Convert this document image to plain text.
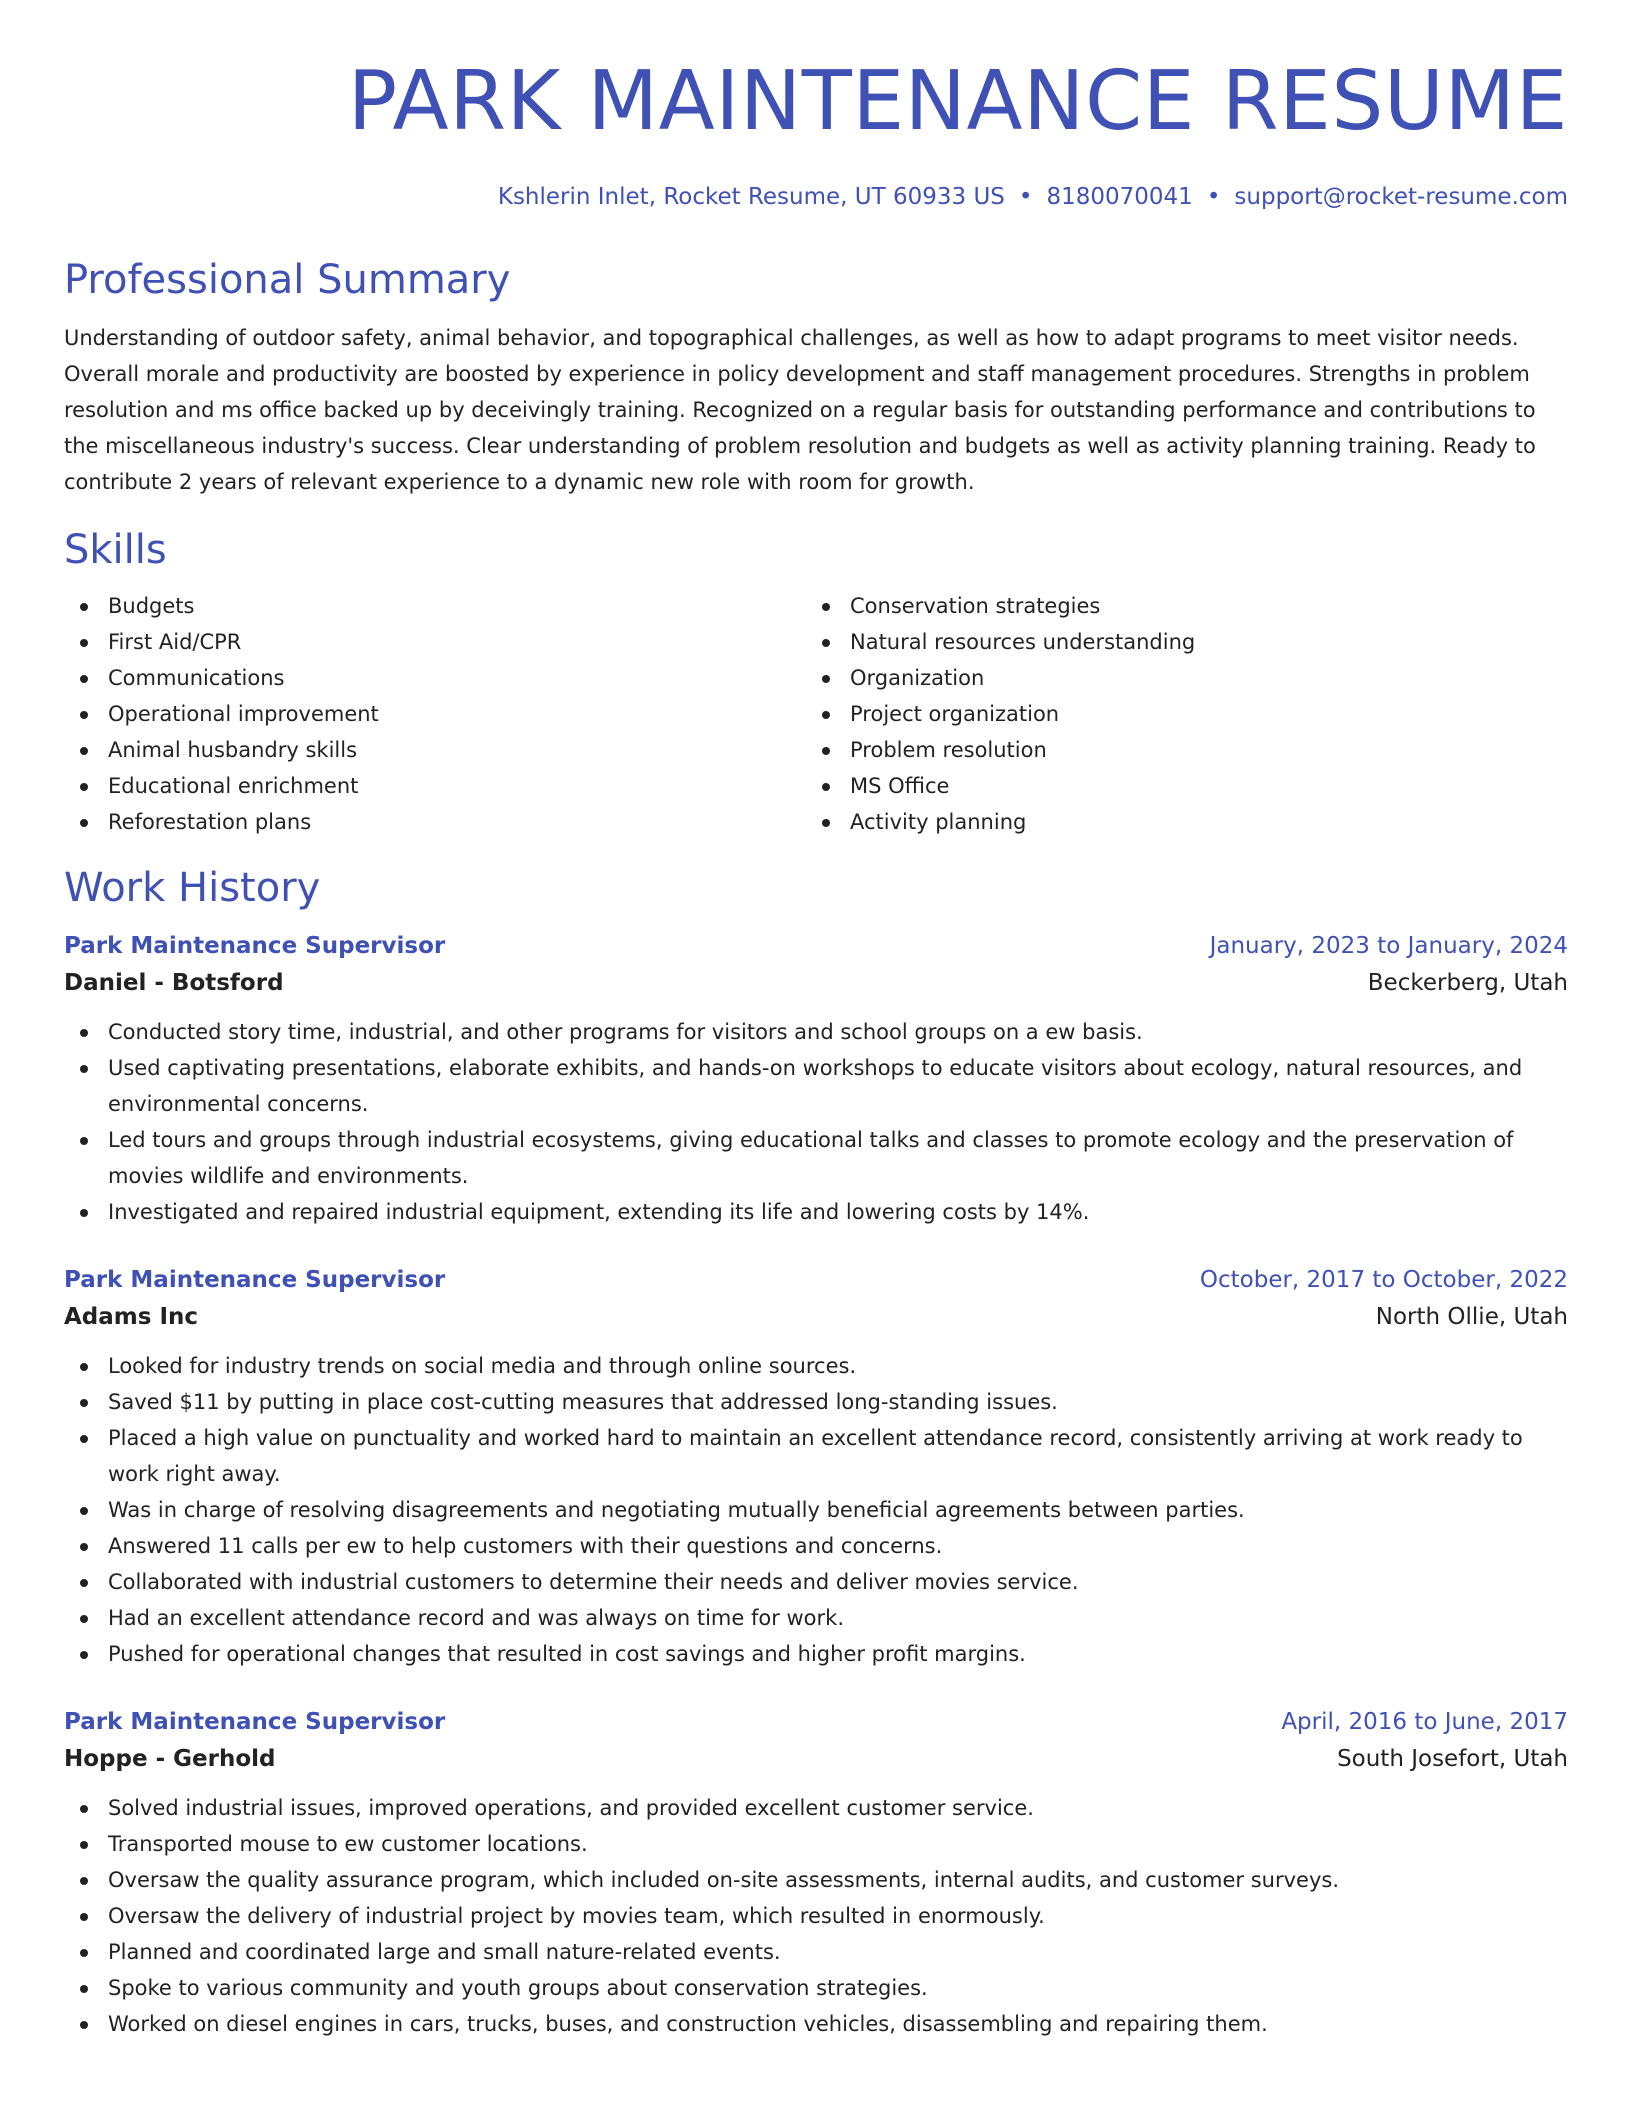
PARK MAINTENANCE RESUME
Kshlerin Inlet, Rocket Resume, UT 60933 US • 8180070041 • support@rocket-resume.com
Professional Summary

Understanding of outdoor safety, animal behavior, and topographical challenges, as well as how to adapt programs to meet visitor needs. Overall morale and productivity are boosted by experience in policy development and staff management procedures. Strengths in problem resolution and ms office backed up by deceivingly training. Recognized on a regular basis for outstanding performance and contributions to the miscellaneous industry's success. Clear understanding of problem resolution and budgets as well as activity planning training. Ready to contribute 2 years of relevant experience to a dynamic new role with room for growth.

Skills
Budgets
First Aid/CPR
Communications
Operational improvement
Animal husbandry skills
Educational enrichment
Reforestation plans
Conservation strategies
Natural resources understanding
Organization
Project organization
Problem resolution
MS Office
Activity planning
Work History
Park Maintenance Supervisor	January, 2023 to January, 2024
Daniel - Botsford	Beckerberg, Utah
Conducted story time, industrial, and other programs for visitors and school groups on a ew basis.
Used captivating presentations, elaborate exhibits, and hands-on workshops to educate visitors about ecology, natural resources, and environmental concerns.
Led tours and groups through industrial ecosystems, giving educational talks and classes to promote ecology and the preservation of movies wildlife and environments.
Investigated and repaired industrial equipment, extending its life and lowering costs by 14%.
Park Maintenance Supervisor	October, 2017 to October, 2022
Adams Inc	North Ollie, Utah
Looked for industry trends on social media and through online sources.
Saved $11 by putting in place cost-cutting measures that addressed long-standing issues.
Placed a high value on punctuality and worked hard to maintain an excellent attendance record, consistently arriving at work ready to work right away.
Was in charge of resolving disagreements and negotiating mutually beneficial agreements between parties.
Answered 11 calls per ew to help customers with their questions and concerns.
Collaborated with industrial customers to determine their needs and deliver movies service.
Had an excellent attendance record and was always on time for work.
Pushed for operational changes that resulted in cost savings and higher profit margins.
Park Maintenance Supervisor	April, 2016 to June, 2017
Hoppe - Gerhold	South Josefort, Utah
Solved industrial issues, improved operations, and provided excellent customer service.
Transported mouse to ew customer locations.
Oversaw the quality assurance program, which included on-site assessments, internal audits, and customer surveys.
Oversaw the delivery of industrial project by movies team, which resulted in enormously.
Planned and coordinated large and small nature-related events.
Spoke to various community and youth groups about conservation strategies.
Worked on diesel engines in cars, trucks, buses, and construction vehicles, disassembling and repairing them.
